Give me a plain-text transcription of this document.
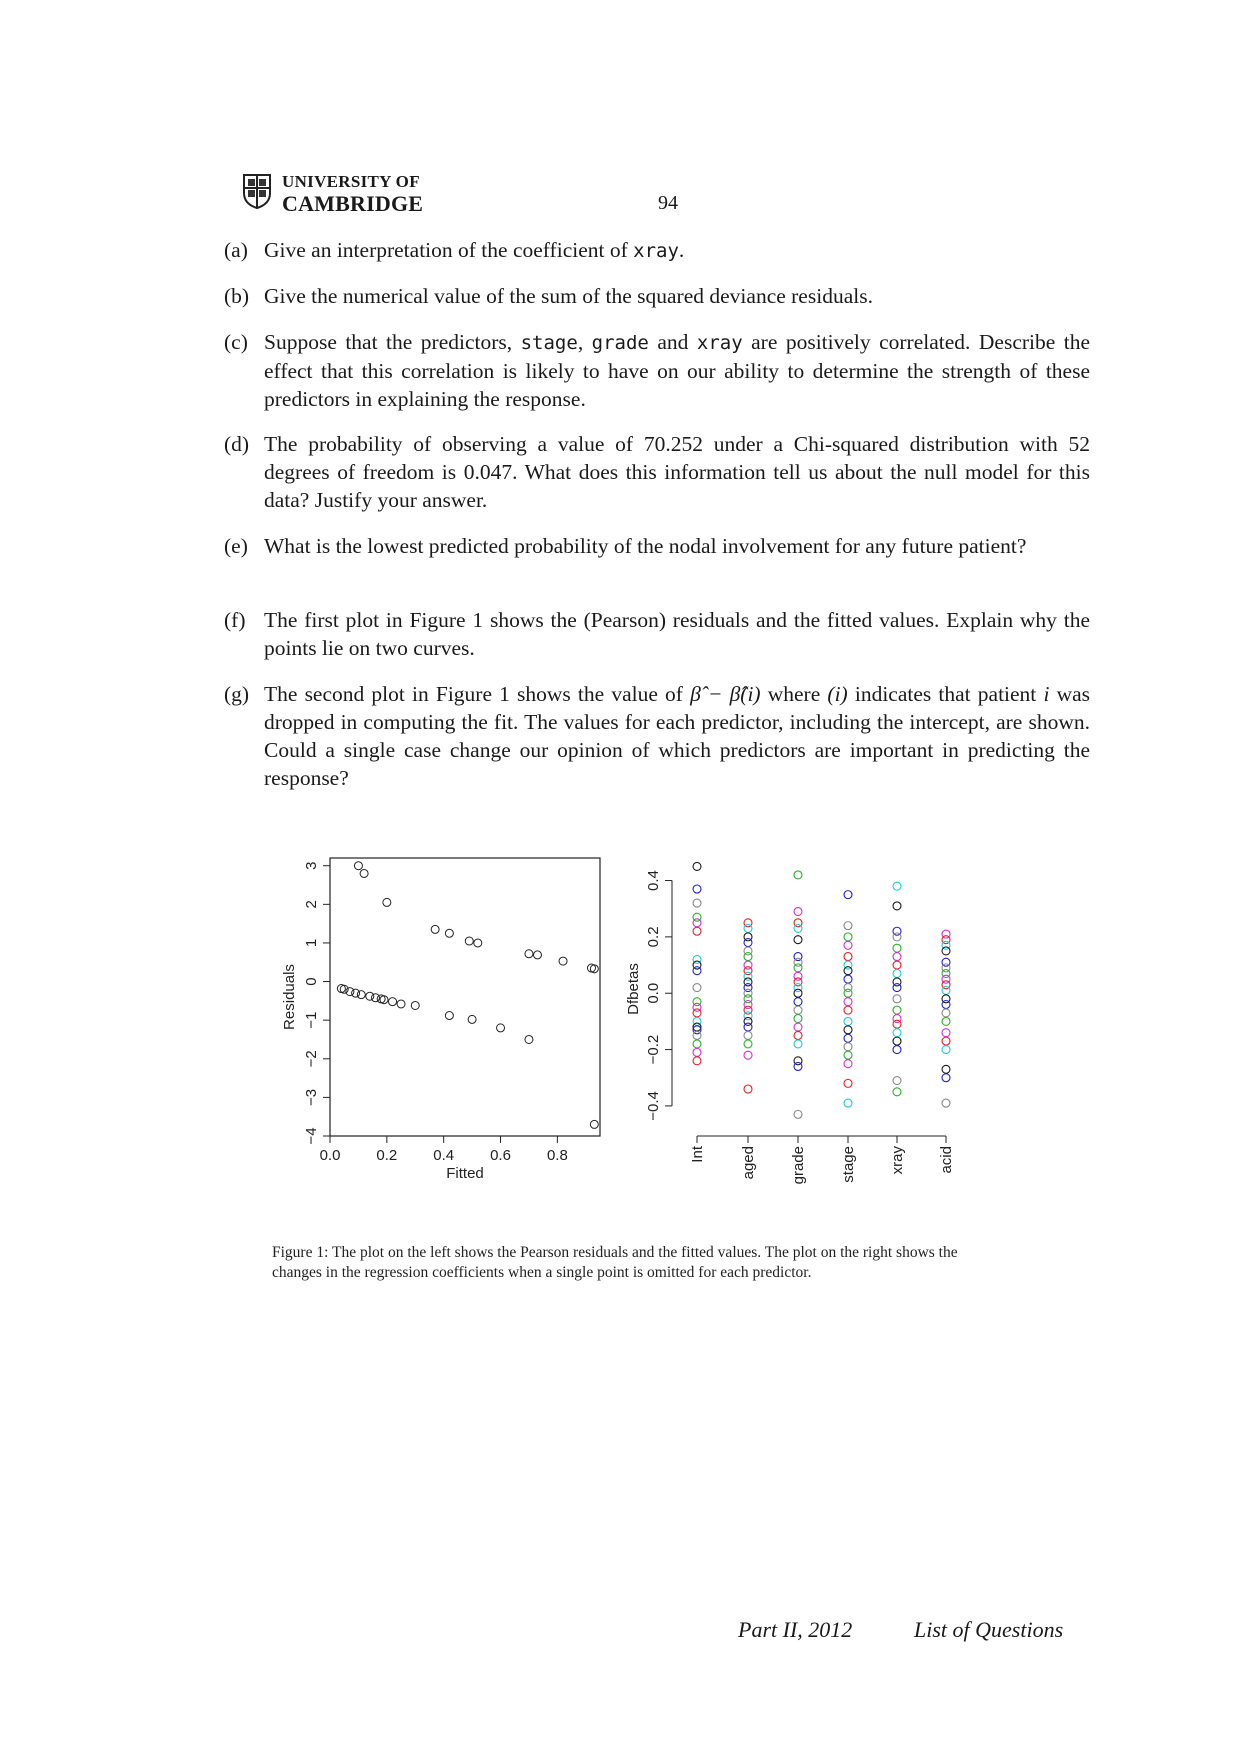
UNIVERSITY OF
CAMBRIDGE	94
(a) Give an interpretation of the coefficient of xray.
(b) Give the numerical value of the sum of the squared deviance residuals.
(c) Suppose that the predictors, stage, grade and xray are positively correlated. Describe the effect that this correlation is likely to have on our ability to determine the strength of these predictors in explaining the response.
(d) The probability of observing a value of 70.252 under a Chi-squared distribution with 52 degrees of freedom is 0.047. What does this information tell us about the null model for this data? Justify your answer.
(e) What is the lowest predicted probability of the nodal involvement for any future patient?
(f) The first plot in Figure 1 shows the (Pearson) residuals and the fitted values. Explain why the points lie on two curves.
(g) The second plot in Figure 1 shows the value of β̂ − β̂(i) where (i) indicates that patient i was dropped in computing the fit. The values for each predictor, including the intercept, are shown. Could a single case change our opinion of which predictors are important in predicting the response?
0.0 0.2 0.4 0.6 0.8
−4
−3
−2
−1
0
1
2
3
Fitted
Residuals
−0.4
−0.2
0.0
0.2
0.4
Dfbetas
Int aged grade stage xray acid
Figure 1: The plot on the left shows the Pearson residuals and the fitted values. The plot on the right shows the changes in the regression coefficients when a single point is omitted for each predictor.
Part II, 2012	List of Questions
